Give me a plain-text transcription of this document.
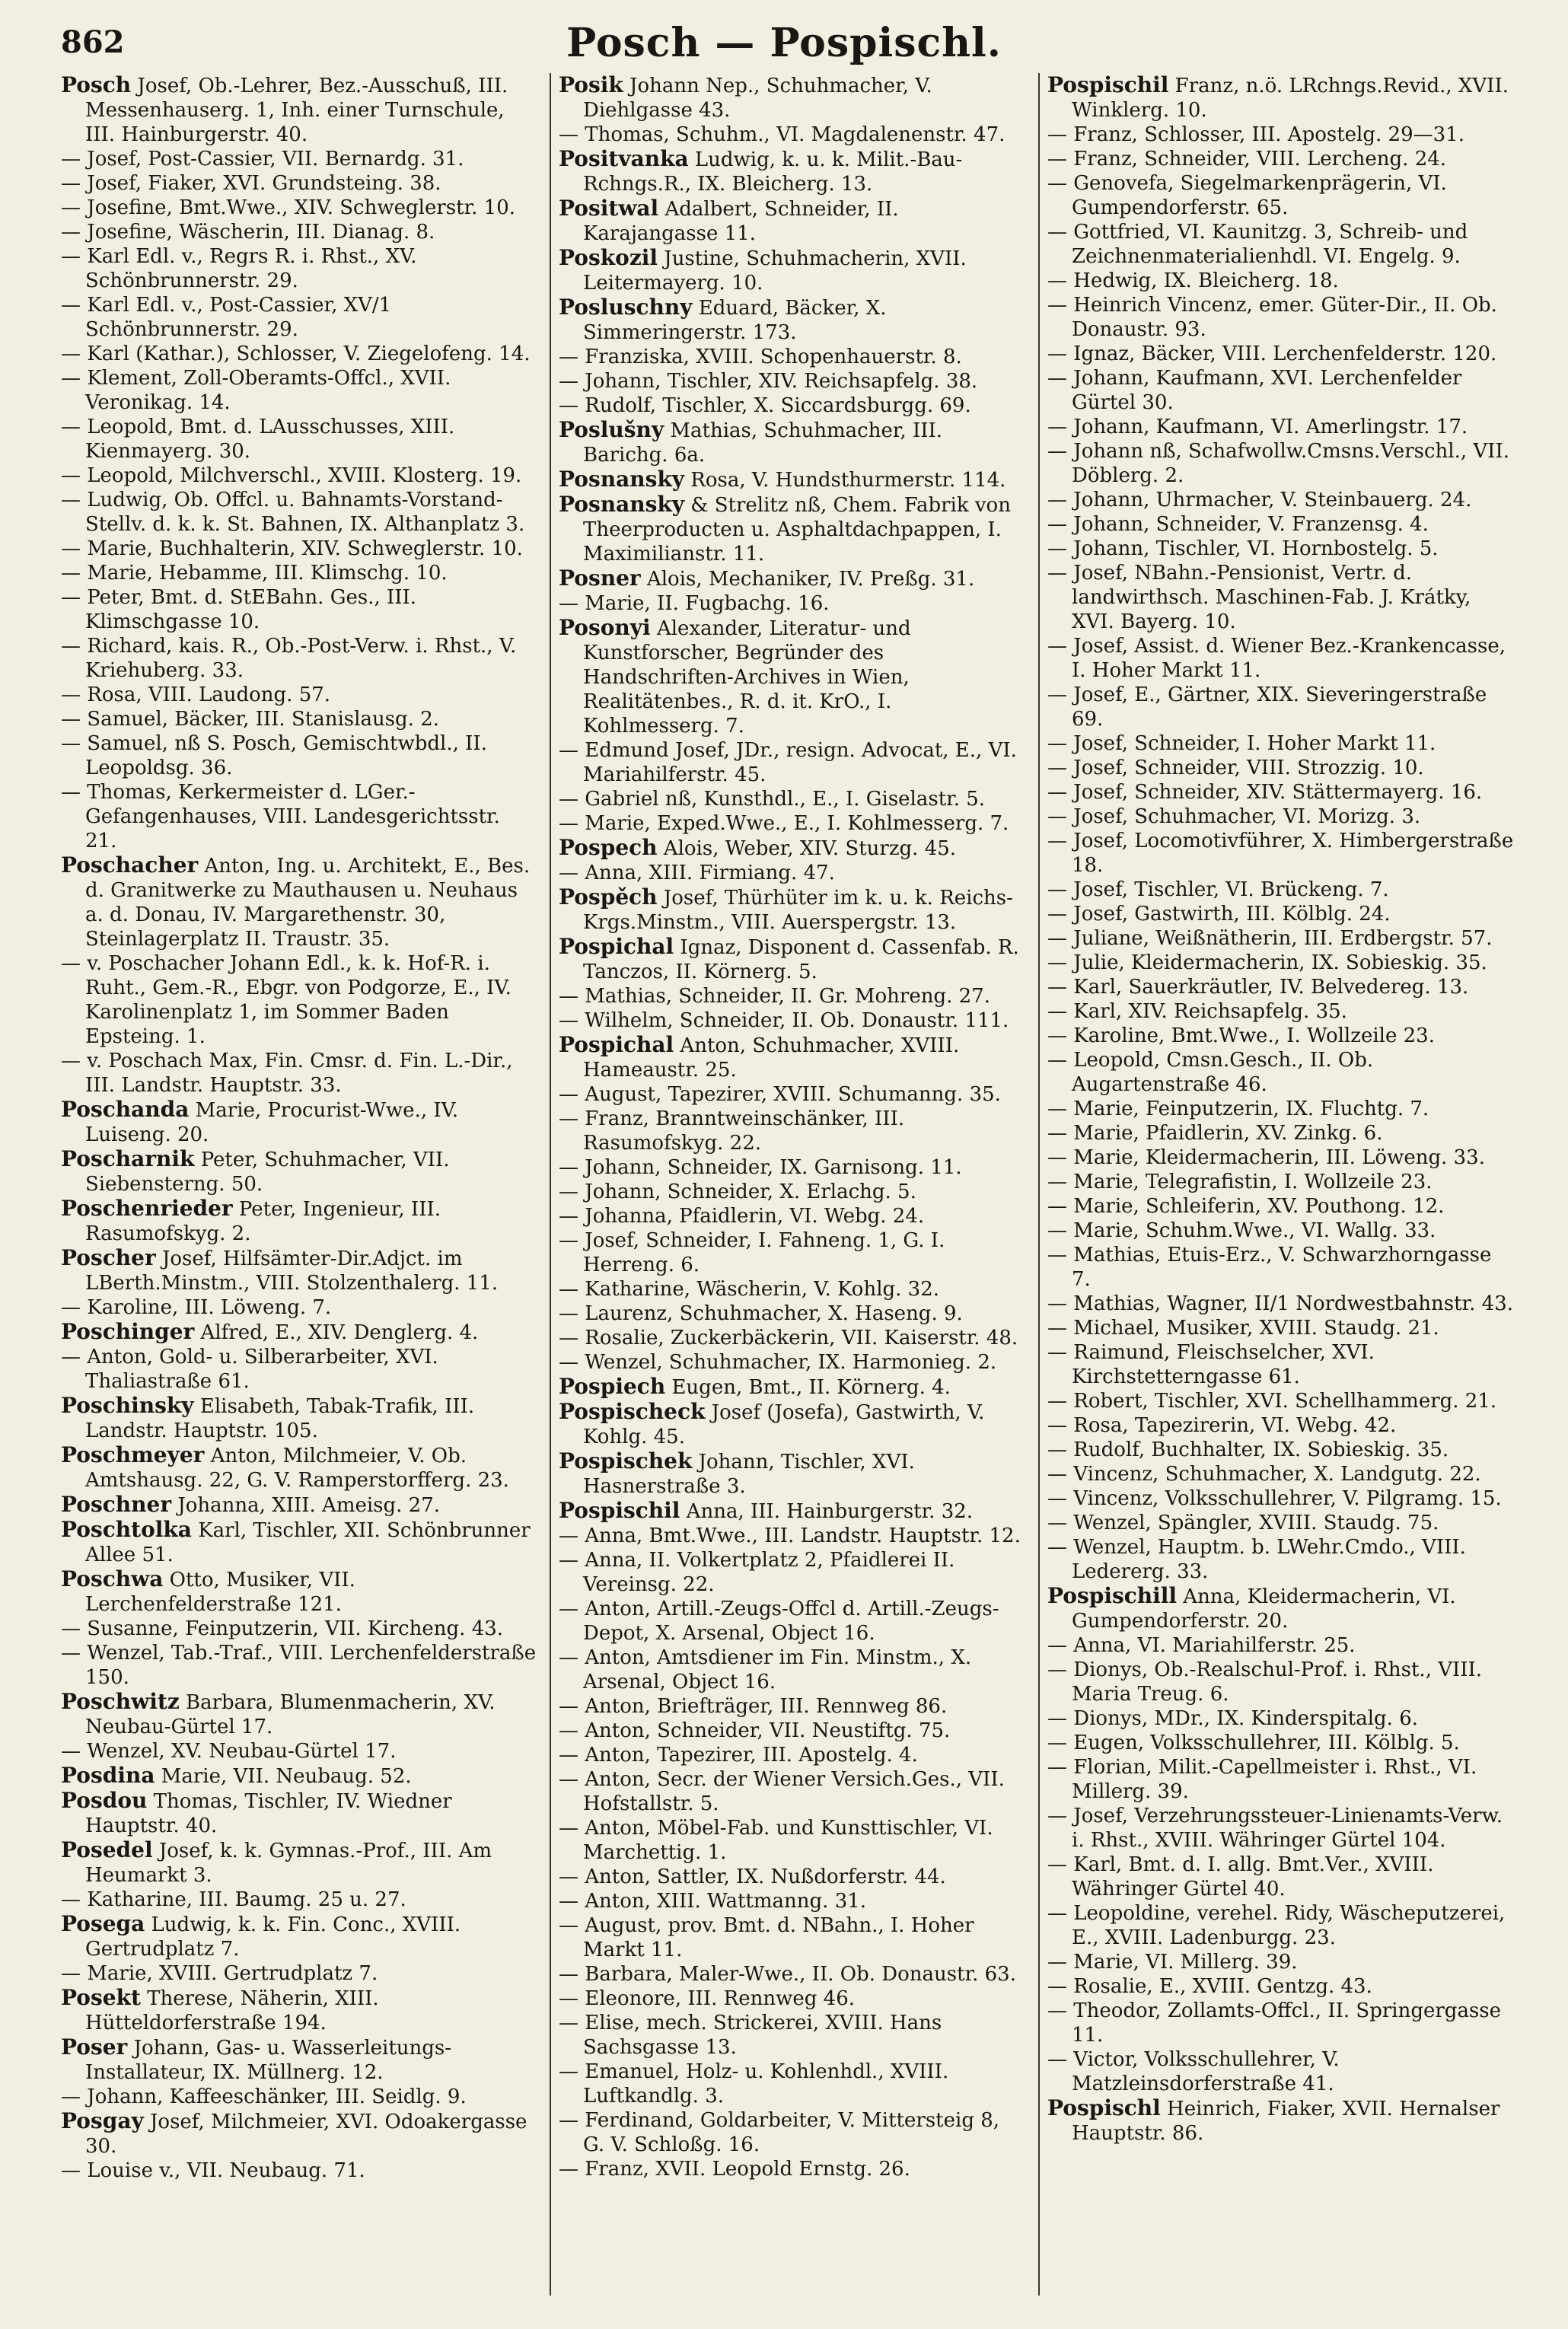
862	Posch — Pospischl.

Posch Josef, Ob.-Lehrer, Bez.-Ausschuß, III. Messenhauserg. 1, Inh. einer Turnschule, III. Hainburgerstr. 40.

— Josef, Post-Cassier, VII. Bernardg. 31.

— Josef, Fiaker, XVI. Grundsteing. 38.

— Josefine, Bmt.Wwe., XIV. Schweglerstr. 10.

— Josefine, Wäscherin, III. Dianag. 8.

— Karl Edl. v., Regrs R. i. Rhst., XV. Schönbrunnerstr. 29.

— Karl Edl. v., Post-Cassier, XV/1 Schönbrunnerstr. 29.

— Karl (Kathar.), Schlosser, V. Ziegelofeng. 14.

— Klement, Zoll-Oberamts-Offcl., XVII. Veronikag. 14.

— Leopold, Bmt. d. LAusschusses, XIII. Kienmayerg. 30.

— Leopold, Milchverschl., XVIII. Klosterg. 19.

— Ludwig, Ob. Offcl. u. Bahnamts-Vorstand-Stellv. d. k. k. St. Bahnen, IX. Althanplatz 3.

— Marie, Buchhalterin, XIV. Schweglerstr. 10.

— Marie, Hebamme, III. Klimschg. 10.

— Peter, Bmt. d. StEBahn. Ges., III. Klimschgasse 10.

— Richard, kais. R., Ob.-Post-Verw. i. Rhst., V. Kriehuberg. 33.

— Rosa, VIII. Laudong. 57.

— Samuel, Bäcker, III. Stanislausg. 2.

— Samuel, nß S. Posch, Gemischtwbdl., II. Leopoldsg. 36.

— Thomas, Kerkermeister d. LGer.-Gefangenhauses, VIII. Landesgerichtsstr. 21.

Poschacher Anton, Ing. u. Architekt, E., Bes. d. Granitwerke zu Mauthausen u. Neuhaus a. d. Donau, IV. Margarethenstr. 30, Steinlagerplatz II. Traustr. 35.

— v. Poschacher Johann Edl., k. k. Hof-R. i. Ruht., Gem.-R., Ebgr. von Podgorze, E., IV. Karolinenplatz 1, im Sommer Baden Epsteing. 1.

— v. Poschach Max, Fin. Cmsr. d. Fin. L.-Dir., III. Landstr. Hauptstr. 33.

Poschanda Marie, Procurist-Wwe., IV. Luiseng. 20.

Poscharnik Peter, Schuhmacher, VII. Siebensterng. 50.

Poschenrieder Peter, Ingenieur, III. Rasumofskyg. 2.

Poscher Josef, Hilfsämter-Dir.Adjct. im LBerth.Minstm., VIII. Stolzenthalerg. 11.

— Karoline, III. Löweng. 7.

Poschinger Alfred, E., XIV. Denglerg. 4.

— Anton, Gold- u. Silberarbeiter, XVI. Thaliastraße 61.

Poschinsky Elisabeth, Tabak-Trafik, III. Landstr. Hauptstr. 105.

Poschmeyer Anton, Milchmeier, V. Ob. Amtshausg. 22, G. V. Ramperstorfferg. 23.

Poschner Johanna, XIII. Ameisg. 27.

Poschtolka Karl, Tischler, XII. Schönbrunner Allee 51.

Poschwa Otto, Musiker, VII. Lerchenfelderstraße 121.

— Susanne, Feinputzerin, VII. Kircheng. 43.

— Wenzel, Tab.-Traf., VIII. Lerchenfelderstraße 150.

Poschwitz Barbara, Blumenmacherin, XV. Neubau-Gürtel 17.

— Wenzel, XV. Neubau-Gürtel 17.

Posdina Marie, VII. Neubaug. 52.

Posdou Thomas, Tischler, IV. Wiedner Hauptstr. 40.

Posedel Josef, k. k. Gymnas.-Prof., III. Am Heumarkt 3.

— Katharine, III. Baumg. 25 u. 27.

Posega Ludwig, k. k. Fin. Conc., XVIII. Gertrudplatz 7.

— Marie, XVIII. Gertrudplatz 7.

Posekt Therese, Näherin, XIII. Hütteldorferstraße 194.

Poser Johann, Gas- u. Wasserleitungs-Installateur, IX. Müllnerg. 12.

— Johann, Kaffeeschänker, III. Seidlg. 9.

Posgay Josef, Milchmeier, XVI. Odoakergasse 30.

— Louise v., VII. Neubaug. 71.

Posik Johann Nep., Schuhmacher, V. Diehlgasse 43.

— Thomas, Schuhm., VI. Magdalenenstr. 47.

Positvanka Ludwig, k. u. k. Milit.-Bau-Rchngs.R., IX. Bleicherg. 13.

Positwal Adalbert, Schneider, II. Karajangasse 11.

Poskozil Justine, Schuhmacherin, XVII. Leitermayerg. 10.

Posluschny Eduard, Bäcker, X. Simmeringerstr. 173.

— Franziska, XVIII. Schopenhauerstr. 8.

— Johann, Tischler, XIV. Reichsapfelg. 38.

— Rudolf, Tischler, X. Siccardsburgg. 69.

Poslušny Mathias, Schuhmacher, III. Barichg. 6a.

Posnansky Rosa, V. Hundsthurmerstr. 114.

Posnansky & Strelitz nß, Chem. Fabrik von Theerproducten u. Asphaltdachpappen, I. Maximilianstr. 11.

Posner Alois, Mechaniker, IV. Preßg. 31.

— Marie, II. Fugbachg. 16.

Posonyi Alexander, Literatur- und Kunstforscher, Begründer des Handschriften-Archives in Wien, Realitätenbes., R. d. it. KrO., I. Kohlmesserg. 7.

— Edmund Josef, JDr., resign. Advocat, E., VI. Mariahilferstr. 45.

— Gabriel nß, Kunsthdl., E., I. Giselastr. 5.

— Marie, Exped.Wwe., E., I. Kohlmesserg. 7.

Pospech Alois, Weber, XIV. Sturzg. 45.

— Anna, XIII. Firmiang. 47.

Pospěch Josef, Thürhüter im k. u. k. Reichs-Krgs.Minstm., VIII. Auerspergstr. 13.

Pospichal Ignaz, Disponent d. Cassenfab. R. Tanczos, II. Körnerg. 5.

— Mathias, Schneider, II. Gr. Mohreng. 27.

— Wilhelm, Schneider, II. Ob. Donaustr. 111.

Pospichal Anton, Schuhmacher, XVIII. Hameaustr. 25.

— August, Tapezirer, XVIII. Schumanng. 35.

— Franz, Branntweinschänker, III. Rasumofskyg. 22.

— Johann, Schneider, IX. Garnisong. 11.

— Johann, Schneider, X. Erlachg. 5.

— Johanna, Pfaidlerin, VI. Webg. 24.

— Josef, Schneider, I. Fahneng. 1, G. I. Herreng. 6.

— Katharine, Wäscherin, V. Kohlg. 32.

— Laurenz, Schuhmacher, X. Haseng. 9.

— Rosalie, Zuckerbäckerin, VII. Kaiserstr. 48.

— Wenzel, Schuhmacher, IX. Harmonieg. 2.

Pospiech Eugen, Bmt., II. Körnerg. 4.

Pospischeck Josef (Josefa), Gastwirth, V. Kohlg. 45.

Pospischek Johann, Tischler, XVI. Hasnerstraße 3.

Pospischil Anna, III. Hainburgerstr. 32.

— Anna, Bmt.Wwe., III. Landstr. Hauptstr. 12.

— Anna, II. Volkertplatz 2, Pfaidlerei II. Vereinsg. 22.

— Anton, Artill.-Zeugs-Offcl d. Artill.-Zeugs-Depot, X. Arsenal, Object 16.

— Anton, Amtsdiener im Fin. Minstm., X. Arsenal, Object 16.

— Anton, Briefträger, III. Rennweg 86.

— Anton, Schneider, VII. Neustiftg. 75.

— Anton, Tapezirer, III. Apostelg. 4.

— Anton, Secr. der Wiener Versich.Ges., VII. Hofstallstr. 5.

— Anton, Möbel-Fab. und Kunsttischler, VI. Marchettig. 1.

— Anton, Sattler, IX. Nußdorferstr. 44.

— Anton, XIII. Wattmanng. 31.

— August, prov. Bmt. d. NBahn., I. Hoher Markt 11.

— Barbara, Maler-Wwe., II. Ob. Donaustr. 63.

— Eleonore, III. Rennweg 46.

— Elise, mech. Strickerei, XVIII. Hans Sachsgasse 13.

— Emanuel, Holz- u. Kohlenhdl., XVIII. Luftkandlg. 3.

— Ferdinand, Goldarbeiter, V. Mittersteig 8, G. V. Schloßg. 16.

— Franz, XVII. Leopold Ernstg. 26.

Pospischil Franz, n.ö. LRchngs.Revid., XVII. Winklerg. 10.

— Franz, Schlosser, III. Apostelg. 29—31.

— Franz, Schneider, VIII. Lercheng. 24.

— Genovefa, Siegelmarkenprägerin, VI. Gumpendorferstr. 65.

— Gottfried, VI. Kaunitzg. 3, Schreib- und Zeichnenmaterialienhdl. VI. Engelg. 9.

— Hedwig, IX. Bleicherg. 18.

— Heinrich Vincenz, emer. Güter-Dir., II. Ob. Donaustr. 93.

— Ignaz, Bäcker, VIII. Lerchenfelderstr. 120.

— Johann, Kaufmann, XVI. Lerchenfelder Gürtel 30.

— Johann, Kaufmann, VI. Amerlingstr. 17.

— Johann nß, Schafwollw.Cmsns.Verschl., VII. Döblerg. 2.

— Johann, Uhrmacher, V. Steinbauerg. 24.

— Johann, Schneider, V. Franzensg. 4.

— Johann, Tischler, VI. Hornbostelg. 5.

— Josef, NBahn.-Pensionist, Vertr. d. landwirthsch. Maschinen-Fab. J. Krátky, XVI. Bayerg. 10.

— Josef, Assist. d. Wiener Bez.-Krankencasse, I. Hoher Markt 11.

— Josef, E., Gärtner, XIX. Sieveringerstraße 69.

— Josef, Schneider, I. Hoher Markt 11.

— Josef, Schneider, VIII. Strozzig. 10.

— Josef, Schneider, XIV. Stättermayerg. 16.

— Josef, Schuhmacher, VI. Morizg. 3.

— Josef, Locomotivführer, X. Himbergerstraße 18.

— Josef, Tischler, VI. Brückeng. 7.

— Josef, Gastwirth, III. Kölblg. 24.

— Juliane, Weißnätherin, III. Erdbergstr. 57.

— Julie, Kleidermacherin, IX. Sobieskig. 35.

— Karl, Sauerkräutler, IV. Belvedereg. 13.

— Karl, XIV. Reichsapfelg. 35.

— Karoline, Bmt.Wwe., I. Wollzeile 23.

— Leopold, Cmsn.Gesch., II. Ob. Augartenstraße 46.

— Marie, Feinputzerin, IX. Fluchtg. 7.

— Marie, Pfaidlerin, XV. Zinkg. 6.

— Marie, Kleidermacherin, III. Löweng. 33.

— Marie, Telegrafistin, I. Wollzeile 23.

— Marie, Schleiferin, XV. Pouthong. 12.

— Marie, Schuhm.Wwe., VI. Wallg. 33.

— Mathias, Etuis-Erz., V. Schwarzhorngasse 7.

— Mathias, Wagner, II/1 Nordwestbahnstr. 43.

— Michael, Musiker, XVIII. Staudg. 21.

— Raimund, Fleischselcher, XVI. Kirchstetterngasse 61.

— Robert, Tischler, XVI. Schellhammerg. 21.

— Rosa, Tapezirerin, VI. Webg. 42.

— Rudolf, Buchhalter, IX. Sobieskig. 35.

— Vincenz, Schuhmacher, X. Landgutg. 22.

— Vincenz, Volksschullehrer, V. Pilgramg. 15.

— Wenzel, Spängler, XVIII. Staudg. 75.

— Wenzel, Hauptm. b. LWehr.Cmdo., VIII. Ledererg. 33.

Pospischill Anna, Kleidermacherin, VI. Gumpendorferstr. 20.

— Anna, VI. Mariahilferstr. 25.

— Dionys, Ob.-Realschul-Prof. i. Rhst., VIII. Maria Treug. 6.

— Dionys, MDr., IX. Kinderspitalg. 6.

— Eugen, Volksschullehrer, III. Kölblg. 5.

— Florian, Milit.-Capellmeister i. Rhst., VI. Millerg. 39.

— Josef, Verzehrungssteuer-Linienamts-Verw. i. Rhst., XVIII. Währinger Gürtel 104.

— Karl, Bmt. d. I. allg. Bmt.Ver., XVIII. Währinger Gürtel 40.

— Leopoldine, verehel. Ridy, Wäscheputzerei, E., XVIII. Ladenburgg. 23.

— Marie, VI. Millerg. 39.

— Rosalie, E., XVIII. Gentzg. 43.

— Theodor, Zollamts-Offcl., II. Springergasse 11.

— Victor, Volksschullehrer, V. Matzleinsdorferstraße 41.

Pospischl Heinrich, Fiaker, XVII. Hernalser Hauptstr. 86.
